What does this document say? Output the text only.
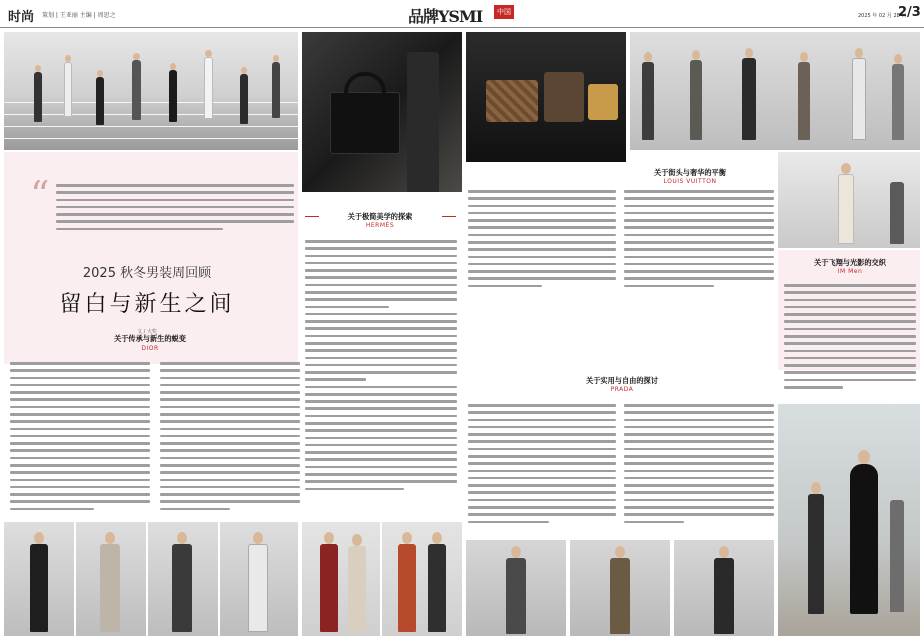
时尚 策划 | 王亚丽 主编 | 周思之	品牌YSMI	中国	2025 年 02 月 28 日
2/3
“
2025 秋冬男装周回顾
留白与新生之间
文 / 大奖
关于传承与新生的蜕变
DIOR
关于极简美学的探索
HERMÈS
关于街头与奢华的平衡
LOUIS VUITTON
关于实用与自由的探讨
PRADA
关于飞翔与光影的交织
IM Men
